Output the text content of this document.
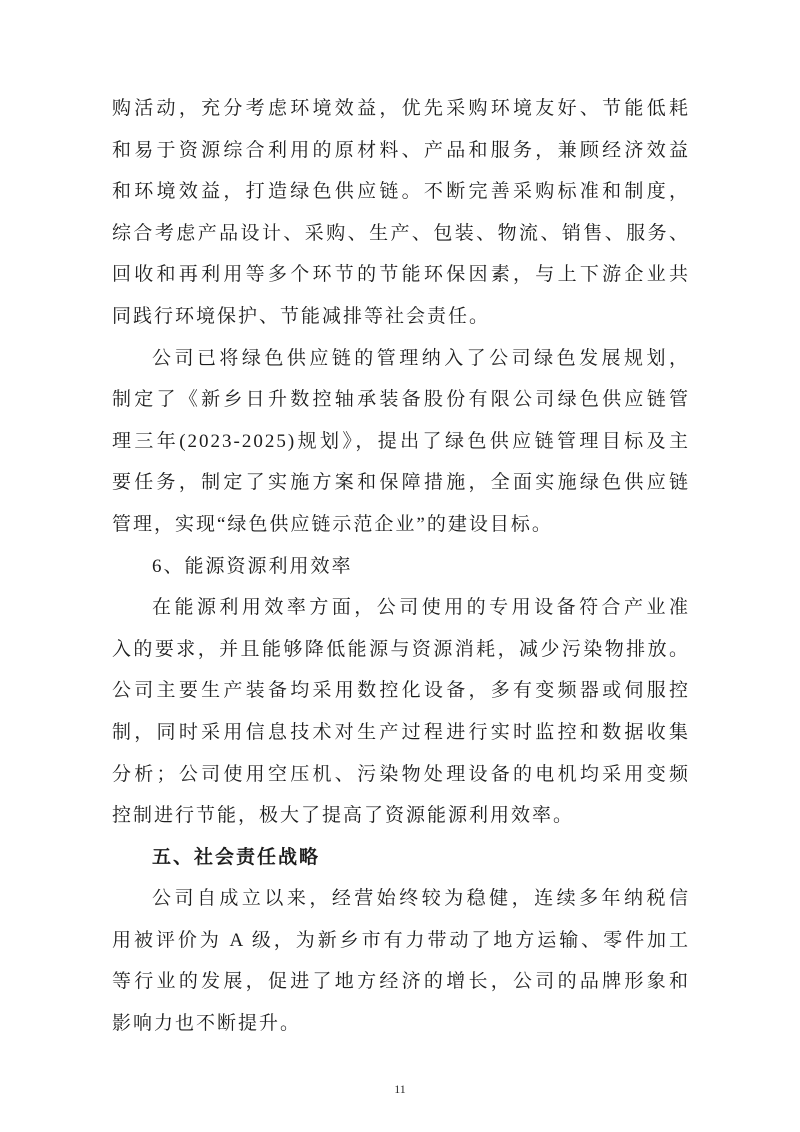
购活动，充分考虑环境效益，优先采购环境友好、节能低耗
和易于资源综合利用的原材料、产品和服务，兼顾经济效益
和环境效益，打造绿色供应链。不断完善采购标准和制度，
综合考虑产品设计、采购、生产、包装、物流、销售、服务、
回收和再利用等多个环节的节能环保因素，与上下游企业共
同践行环境保护、节能减排等社会责任。
公司已将绿色供应链的管理纳入了公司绿色发展规划，
制定了《新乡日升数控轴承装备股份有限公司绿色供应链管
理三年(2023-2025)规划》，提出了绿色供应链管理目标及主
要任务，制定了实施方案和保障措施，全面实施绿色供应链
管理，实现“绿色供应链示范企业”的建设目标。
6、能源资源利用效率
在能源利用效率方面，公司使用的专用设备符合产业准
入的要求，并且能够降低能源与资源消耗，减少污染物排放。
公司主要生产装备均采用数控化设备，多有变频器或伺服控
制，同时采用信息技术对生产过程进行实时监控和数据收集
分析；公司使用空压机、污染物处理设备的电机均采用变频
控制进行节能，极大了提高了资源能源利用效率。
五、社会责任战略
公司自成立以来，经营始终较为稳健，连续多年纳税信
用被评价为 A 级，为新乡市有力带动了地方运输、零件加工
等行业的发展，促进了地方经济的增长，公司的品牌形象和
影响力也不断提升。
11
